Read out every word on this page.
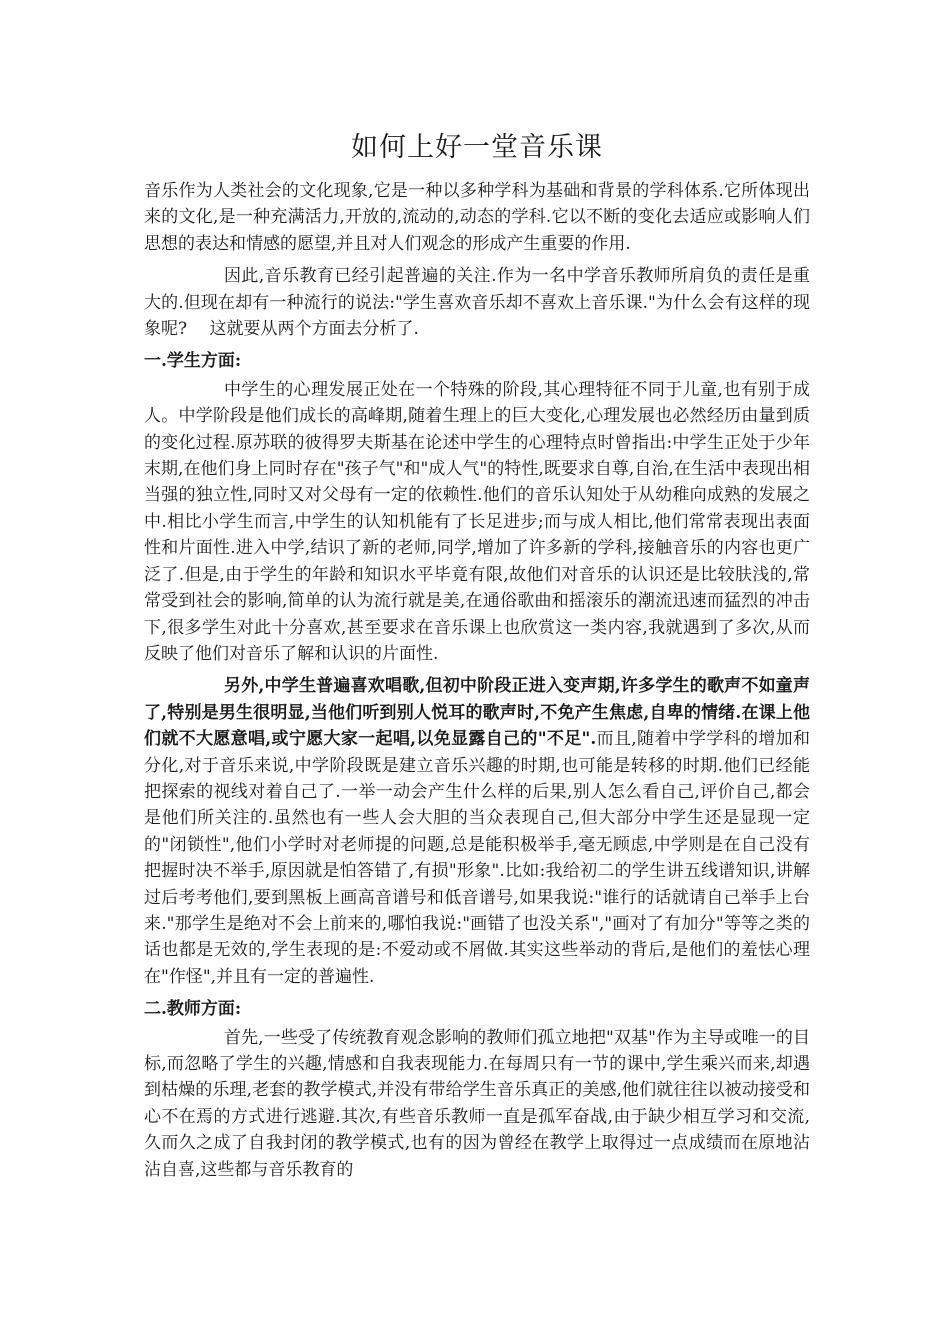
如何上好一堂音乐课

音乐作为人类社会的文化现象,它是一种以多种学科为基础和背景的学科体系.它所体现出来的文化,是一种充满活力,开放的,流动的,动态的学科.它以不断的变化去适应或影响人们思想的表达和情感的愿望,并且对人们观念的形成产生重要的作用.

因此,音乐教育已经引起普遍的关注.作为一名中学音乐教师所肩负的责任是重大的.但现在却有一种流行的说法:"学生喜欢音乐却不喜欢上音乐课."为什么会有这样的现象呢?　 这就要从两个方面去分析了.

一.学生方面:

中学生的心理发展正处在一个特殊的阶段,其心理特征不同于儿童,也有别于成人。中学阶段是他们成长的高峰期,随着生理上的巨大变化,心理发展也必然经历由量到质的变化过程.原苏联的彼得罗夫斯基在论述中学生的心理特点时曾指出:中学生正处于少年末期,在他们身上同时存在"孩子气"和"成人气"的特性,既要求自尊,自治,在生活中表现出相当强的独立性,同时又对父母有一定的依赖性.他们的音乐认知处于从幼稚向成熟的发展之中.相比小学生而言,中学生的认知机能有了长足进步;而与成人相比,他们常常表现出表面性和片面性.进入中学,结识了新的老师,同学,增加了许多新的学科,接触音乐的内容也更广泛了.但是,由于学生的年龄和知识水平毕竟有限,故他们对音乐的认识还是比较肤浅的,常常受到社会的影响,简单的认为流行就是美,在通俗歌曲和摇滚乐的潮流迅速而猛烈的冲击下,很多学生对此十分喜欢,甚至要求在音乐课上也欣赏这一类内容,我就遇到了多次,从而反映了他们对音乐了解和认识的片面性.

另外,中学生普遍喜欢唱歌,但初中阶段正进入变声期,许多学生的歌声不如童声了,特别是男生很明显,当他们听到别人悦耳的歌声时,不免产生焦虑,自卑的情绪.在课上他们就不大愿意唱,或宁愿大家一起唱,以免显露自己的"不足".而且,随着中学学科的增加和分化,对于音乐来说,中学阶段既是建立音乐兴趣的时期,也可能是转移的时期.他们已经能把探索的视线对着自己了.一举一动会产生什么样的后果,别人怎么看自己,评价自己,都会是他们所关注的.虽然也有一些人会大胆的当众表现自己,但大部分中学生还是显现一定的"闭锁性",他们小学时对老师提的问题,总是能积极举手,毫无顾虑,中学则是在自己没有把握时决不举手,原因就是怕答错了,有损"形象".比如:我给初二的学生讲五线谱知识,讲解过后考考他们,要到黑板上画高音谱号和低音谱号,如果我说:"谁行的话就请自己举手上台来."那学生是绝对不会上前来的,哪怕我说:"画错了也没关系","画对了有加分"等等之类的话也都是无效的,学生表现的是:不爱动或不屑做.其实这些举动的背后,是他们的羞怯心理在"作怪",并且有一定的普遍性.

二.教师方面:

首先,一些受了传统教育观念影响的教师们孤立地把"双基"作为主导或唯一的目标,而忽略了学生的兴趣,情感和自我表现能力.在每周只有一节的课中,学生乘兴而来,却遇到枯燥的乐理,老套的教学模式,并没有带给学生音乐真正的美感,他们就往往以被动接受和心不在焉的方式进行逃避.其次,有些音乐教师一直是孤军奋战,由于缺少相互学习和交流,久而久之成了自我封闭的教学模式,也有的因为曾经在教学上取得过一点成绩而在原地沾沾自喜,这些都与音乐教育的
